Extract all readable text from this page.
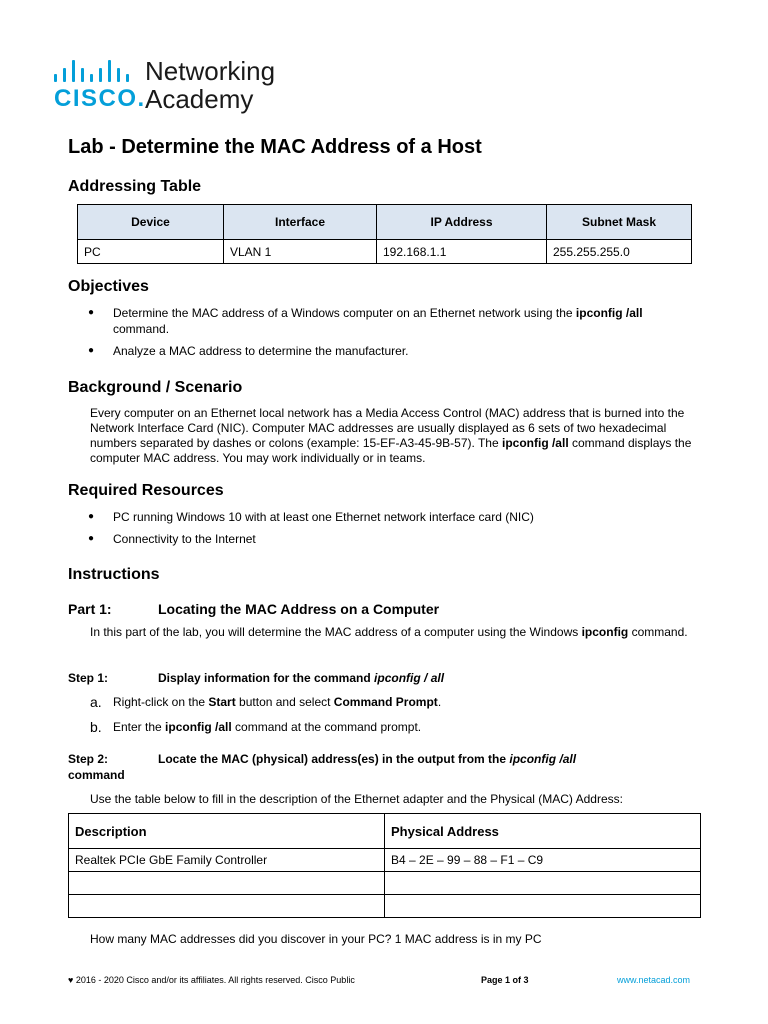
CISCO.
Networking
Academy
Lab - Determine the MAC Address of a Host
Addressing Table
Device	Interface	IP Address	Subnet Mask
PC	VLAN 1	192.168.1.1	255.255.255.0
Objectives
● Determine the MAC address of a Windows computer on an Ethernet network using the ipconfig /all command.
● Analyze a MAC address to determine the manufacturer.
Background / Scenario

Every computer on an Ethernet local network has a Media Access Control (MAC) address that is burned into the Network Interface Card (NIC). Computer MAC addresses are usually displayed as 6 sets of two hexadecimal numbers separated by dashes or colons (example: 15-EF-A3-45-9B-57). The ipconfig /all command displays the computer MAC address. You may work individually or in teams.

Required Resources
● PC running Windows 10 with at least one Ethernet network interface card (NIC)
● Connectivity to the Internet
Instructions
Part 1:	Locating the MAC Address on a Computer

In this part of the lab, you will determine the MAC address of a computer using the Windows ipconfig command.

Step 1:	Display information for the command ipconfig / all
a. Right-click on the Start button and select Command Prompt.
b. Enter the ipconfig /all command at the command prompt.
Step 2:	Locate the MAC (physical) address(es) in the output from the ipconfig /all
command

Use the table below to fill in the description of the Ethernet adapter and the Physical (MAC) Address:

Description	Physical Address
Realtek PCIe GbE Family Controller	B4 – 2E – 99 – 88 – F1 – C9

How many MAC addresses did you discover in your PC? 1 MAC address is in my PC

♥ 2016 - 2020 Cisco and/or its affiliates. All rights reserved. Cisco Public	Page 1 of 3	www.netacad.com
